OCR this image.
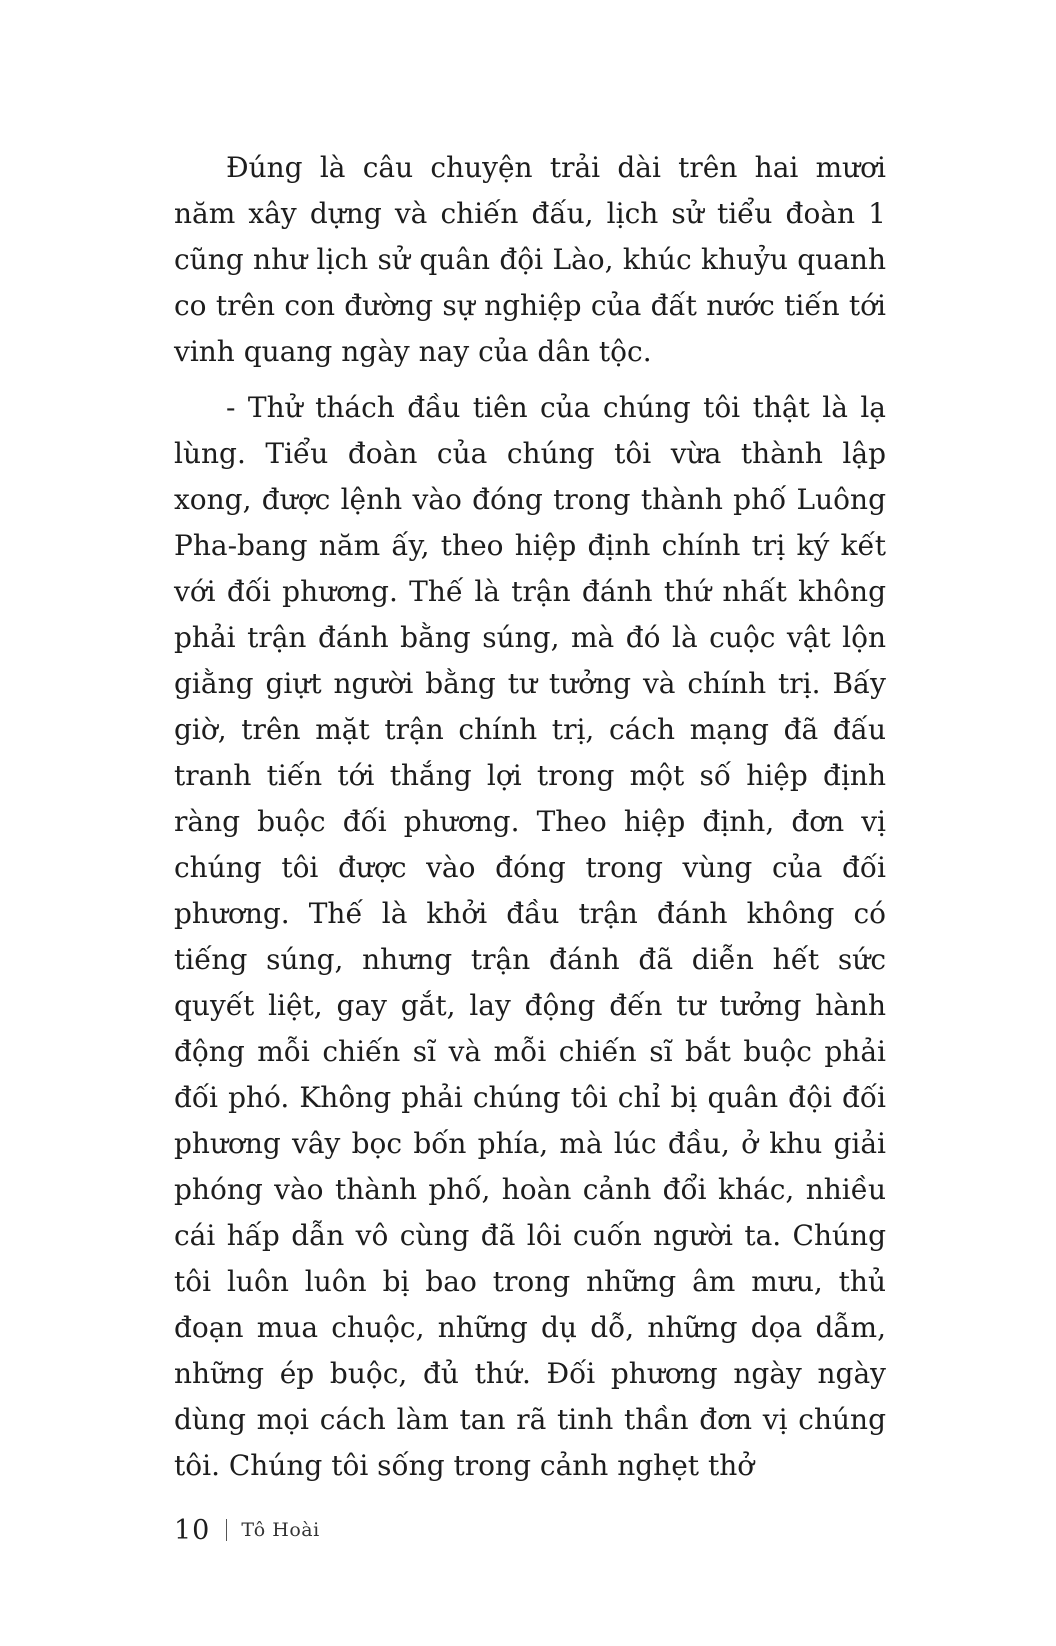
Đúng là câu chuyện trải dài trên hai mươi năm xây dựng và chiến đấu, lịch sử tiểu đoàn 1 cũng như lịch sử quân đội Lào, khúc khuỷu quanh co trên con đường sự nghiệp của đất nước tiến tới vinh quang ngày nay của dân tộc.

- Thử thách đầu tiên của chúng tôi thật là lạ lùng. Tiểu đoàn của chúng tôi vừa thành lập xong, được lệnh vào đóng trong thành phố Luông Pha-bang năm ấy, theo hiệp định chính trị ký kết với đối phương. Thế là trận đánh thứ nhất không phải trận đánh bằng súng, mà đó là cuộc vật lộn giằng giựt người bằng tư tưởng và chính trị. Bấy giờ, trên mặt trận chính trị, cách mạng đã đấu tranh tiến tới thắng lợi trong một số hiệp định ràng buộc đối phương. Theo hiệp định, đơn vị chúng tôi được vào đóng trong vùng của đối phương. Thế là khởi đầu trận đánh không có tiếng súng, nhưng trận đánh đã diễn hết sức quyết liệt, gay gắt, lay động đến tư tưởng hành động mỗi chiến sĩ và mỗi chiến sĩ bắt buộc phải đối phó. Không phải chúng tôi chỉ bị quân đội đối phương vây bọc bốn phía, mà lúc đầu, ở khu giải phóng vào thành phố, hoàn cảnh đổi khác, nhiều cái hấp dẫn vô cùng đã lôi cuốn người ta. Chúng tôi luôn luôn bị bao trong những âm mưu, thủ đoạn mua chuộc, những dụ dỗ, những dọa dẫm, những ép buộc, đủ thứ. Đối phương ngày ngày dùng mọi cách làm tan rã tinh thần đơn vị chúng tôi. Chúng tôi sống trong cảnh nghẹt thở

10 Tô Hoài
